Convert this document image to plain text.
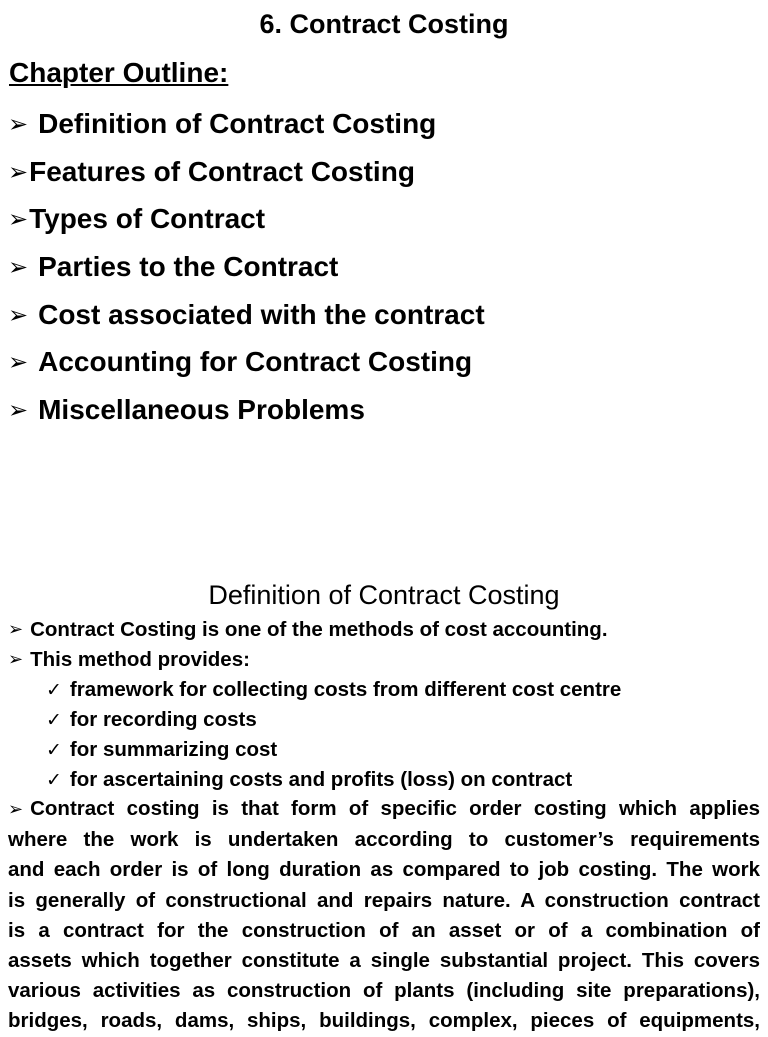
6. Contract Costing
Chapter Outline:
➢ Definition of Contract Costing
➢ Features of Contract Costing
➢ Types of Contract
➢ Parties to the Contract
➢ Cost associated with the contract
➢ Accounting for Contract Costing
➢ Miscellaneous Problems
Definition of Contract Costing
➢ Contract Costing is one of the methods of cost accounting.
➢ This method provides:
✓ framework for collecting costs from different cost centre
✓ for recording costs
✓ for summarizing cost
✓ for ascertaining costs and profits (loss) on contract
➢ Contract costing is that form of specific order costing which applies
where the work is undertaken according to customer’s requirements
and each order is of long duration as compared to job costing. The work
is generally of constructional and repairs nature. A construction contract
is a contract for the construction of an asset or of a combination of
assets which together constitute a single substantial project. This covers
various activities as construction of plants (including site preparations),
bridges, roads, dams, ships, buildings, complex, pieces of equipments,
